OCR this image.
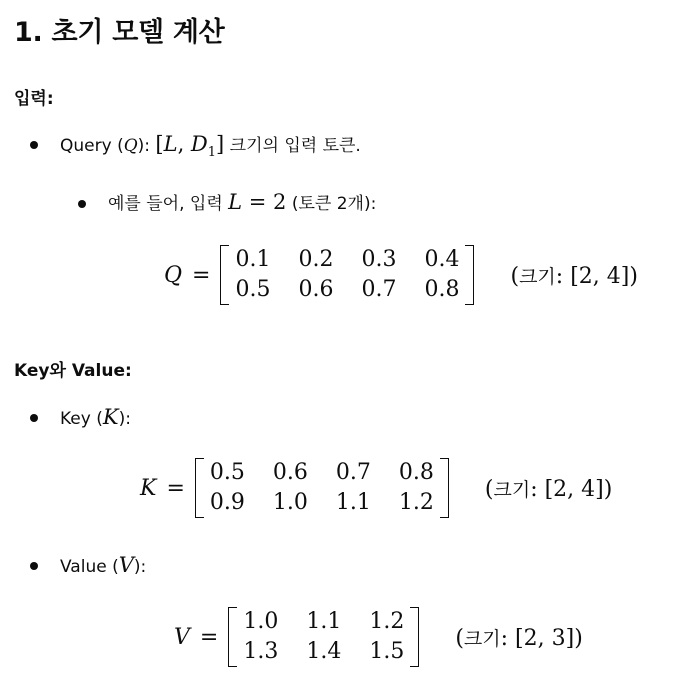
1. 초기 모델 계산
입력:
Query (Q): [L, $D_1$] 크기의 입력 토큰.
예를 들어, 입력 L = 2 (토큰 2개):
Q =
0.1 0.2 0.3 0.4
0.5 0.6 0.7 0.8
(크기: [2, 4])
Key와 Value:
Key (K):
K =
0.5 0.6 0.7 0.8
0.9 1.0 1.1 1.2
(크기: [2, 4])
Value (V):
V =
1.0 1.1 1.2
1.3 1.4 1.5
(크기: [2, 3])
